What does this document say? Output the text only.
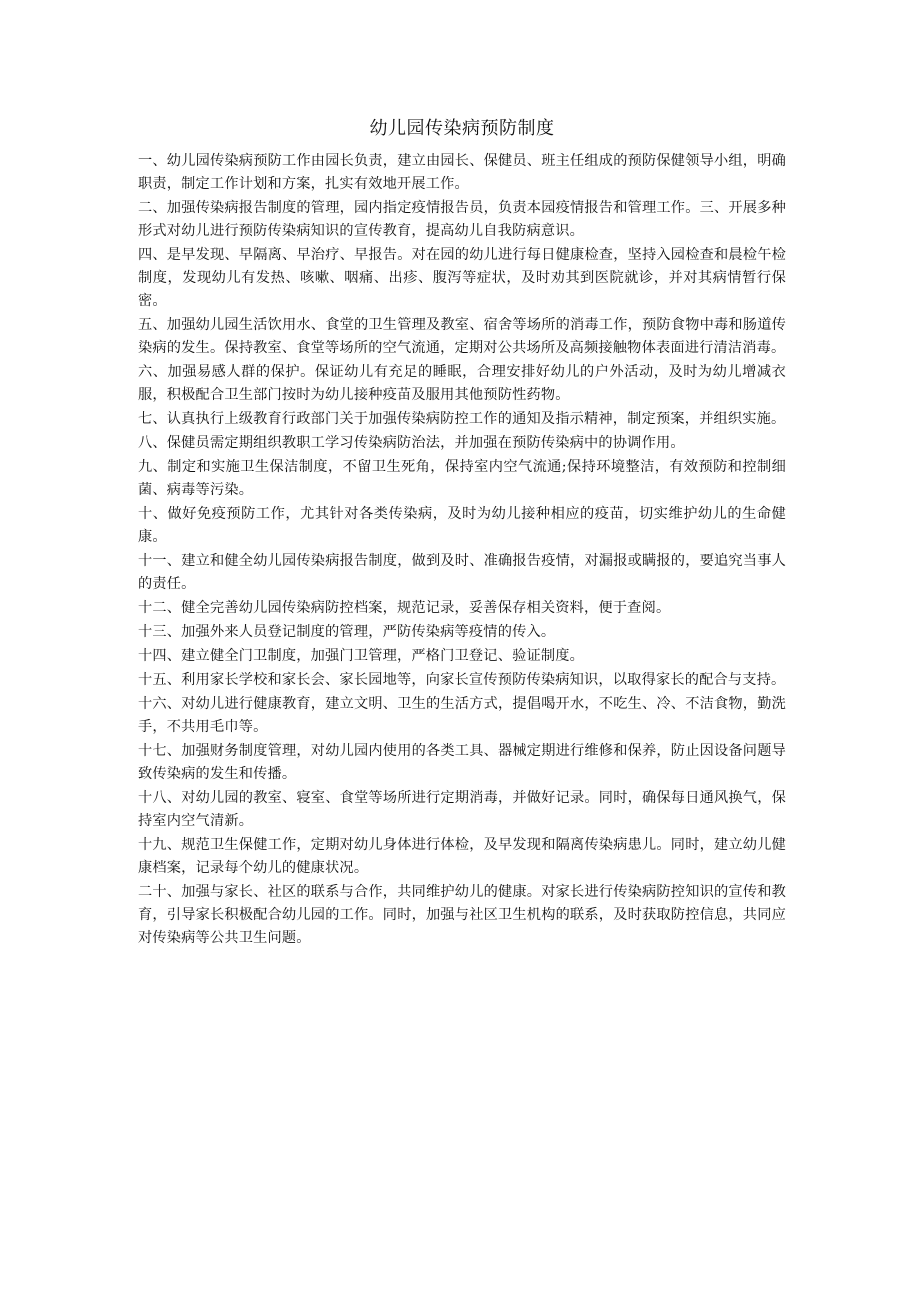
幼儿园传染病预防制度

一、幼儿园传染病预防工作由园长负责，建立由园长、保健员、班主任组成的预防保健领导小组，明确职责，制定工作计划和方案，扎实有效地开展工作。

二、加强传染病报告制度的管理，园内指定疫情报告员，负责本园疫情报告和管理工作。三、开展多种形式对幼儿进行预防传染病知识的宣传教育，提高幼儿自我防病意识。

四、是早发现、早隔离、早治疗、早报告。对在园的幼儿进行每日健康检查，坚持入园检查和晨检午检制度，发现幼儿有发热、咳嗽、咽痛、出疹、腹泻等症状，及时劝其到医院就诊，并对其病情暂行保密。

五、加强幼儿园生活饮用水、食堂的卫生管理及教室、宿舍等场所的消毒工作，预防食物中毒和肠道传染病的发生。保持教室、食堂等场所的空气流通，定期对公共场所及高频接触物体表面进行清洁消毒。

六、加强易感人群的保护。保证幼儿有充足的睡眠，合理安排好幼儿的户外活动，及时为幼儿增减衣服，积极配合卫生部门按时为幼儿接种疫苗及服用其他预防性药物。

七、认真执行上级教育行政部门关于加强传染病防控工作的通知及指示精神，制定预案，并组织实施。

八、保健员需定期组织教职工学习传染病防治法，并加强在预防传染病中的协调作用。

九、制定和实施卫生保洁制度，不留卫生死角，保持室内空气流通;保持环境整洁，有效预防和控制细菌、病毒等污染。

十、做好免疫预防工作，尤其针对各类传染病，及时为幼儿接种相应的疫苗，切实维护幼儿的生命健康。

十一、建立和健全幼儿园传染病报告制度，做到及时、准确报告疫情，对漏报或瞒报的，要追究当事人的责任。

十二、健全完善幼儿园传染病防控档案，规范记录，妥善保存相关资料，便于查阅。

十三、加强外来人员登记制度的管理，严防传染病等疫情的传入。

十四、建立健全门卫制度，加强门卫管理，严格门卫登记、验证制度。

十五、利用家长学校和家长会、家长园地等，向家长宣传预防传染病知识，以取得家长的配合与支持。

十六、对幼儿进行健康教育，建立文明、卫生的生活方式，提倡喝开水，不吃生、冷、不洁食物，勤洗手，不共用毛巾等。

十七、加强财务制度管理，对幼儿园内使用的各类工具、器械定期进行维修和保养，防止因设备问题导致传染病的发生和传播。

十八、对幼儿园的教室、寝室、食堂等场所进行定期消毒，并做好记录。同时，确保每日通风换气，保持室内空气清新。

十九、规范卫生保健工作，定期对幼儿身体进行体检，及早发现和隔离传染病患儿。同时，建立幼儿健康档案，记录每个幼儿的健康状况。

二十、加强与家长、社区的联系与合作，共同维护幼儿的健康。对家长进行传染病防控知识的宣传和教育，引导家长积极配合幼儿园的工作。同时，加强与社区卫生机构的联系，及时获取防控信息，共同应对传染病等公共卫生问题。
